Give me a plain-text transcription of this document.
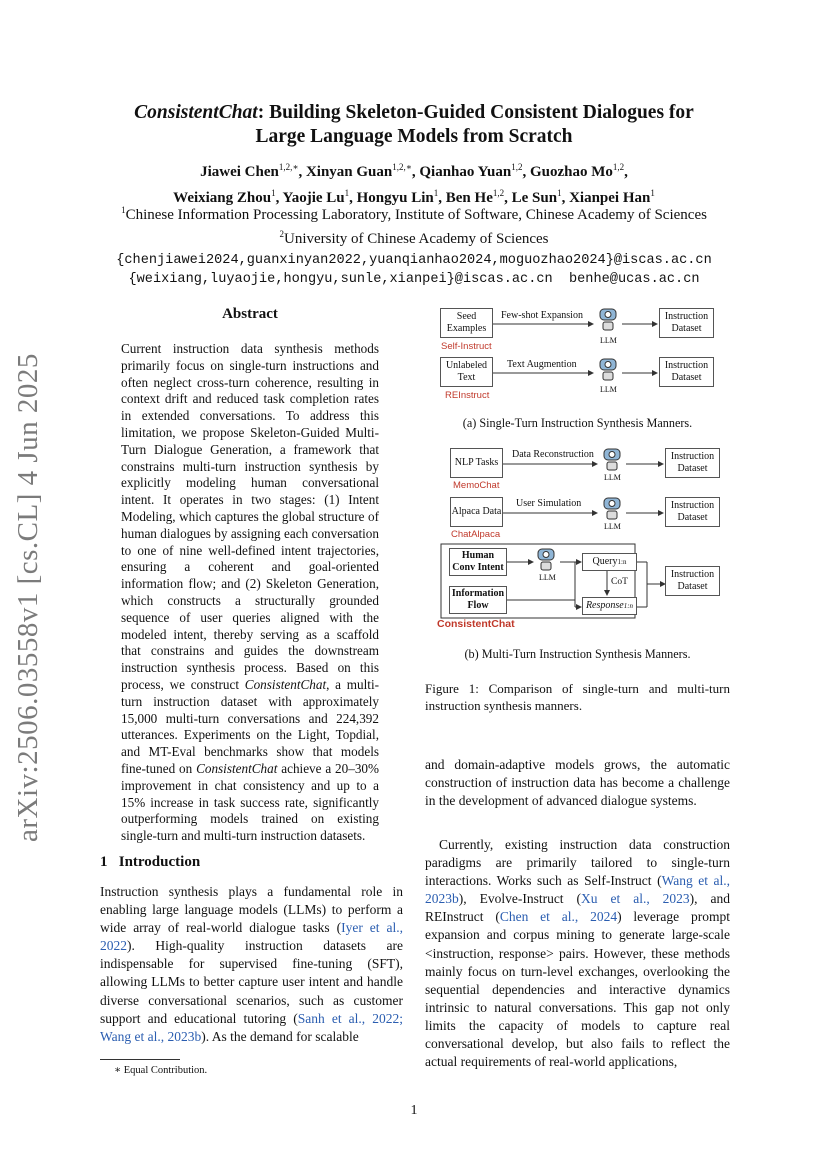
ConsistentChat: Building Skeleton-Guided Consistent Dialogues for
Large Language Models from Scratch
Jiawei Chen$^{1,2,∗}$, Xinyan Guan$^{1,2,∗}$, Qianhao Yuan$^{1,2}$, Guozhao Mo$^{1,2}$,
Weixiang Zhou$^1$, Yaojie Lu$^1$, Hongyu Lin$^1$, Ben He$^{1,2}$, Le Sun$^1$, Xianpei Han$^1$
$^1$Chinese Information Processing Laboratory, Institute of Software, Chinese Academy of Sciences
$^2$University of Chinese Academy of Sciences
{chenjiawei2024,guanxinyan2022,yuanqianhao2024,moguozhao2024}@iscas.ac.cn
{weixiang,luyaojie,hongyu,sunle,xianpei}@iscas.ac.cn  benhe@ucas.ac.cn
arXiv:2506.03558v1 [cs.CL] 4 Jun 2025
Abstract
Current instruction data synthesis methods primarily focus on single-turn instructions and often neglect cross-turn coherence, resulting in context drift and reduced task completion rates in extended conversations. To address this limitation, we propose Skeleton-Guided Multi-Turn Dialogue Generation, a framework that constrains multi-turn instruction synthesis by explicitly modeling human conversational intent. It operates in two stages: (1) Intent Modeling, which captures the global structure of human dialogues by assigning each conversation to one of nine well-defined intent trajectories, ensuring a coherent and goal-oriented information flow; and (2) Skeleton Generation, which constructs a structurally grounded sequence of user queries aligned with the modeled intent, thereby serving as a scaffold that constrains and guides the downstream instruction synthesis process. Based on this process, we construct ConsistentChat, a multi-turn instruction dataset with approximately 15,000 multi-turn conversations and 224,392 utterances. Experiments on the Light, Topdial, and MT-Eval benchmarks show that models fine-tuned on ConsistentChat achieve a 20–30% improvement in chat consistency and up to a 15% increase in task success rate, significantly outperforming models trained on existing single-turn and multi-turn instruction datasets.
1 Introduction
Instruction synthesis plays a fundamental role in enabling large language models (LLMs) to perform a wide array of real-world dialogue tasks (Iyer et al., 2022). High-quality instruction datasets are indispensable for supervised fine-tuning (SFT), allowing LLMs to better capture user intent and handle diverse conversational scenarios, such as customer support and educational tutoring (Sanh et al., 2022; Wang et al., 2023b). As the demand for scalable
∗ Equal Contribution.
Seed Examples
Few-shot Expansion
Self-Instruct
LLM
Instruction Dataset
Unlabeled Text
Text Augmention
REInstruct
LLM
Instruction Dataset
(a) Single-Turn Instruction Synthesis Manners.
NLP Tasks
Data Reconstruction
MemoChat
LLM
Instruction Dataset
Alpaca Data
User Simulation
ChatAlpaca
LLM
Instruction Dataset
Human Conv Intent
Information Flow
LLM
Query 1:n
CoT
Response 1:n
Instruction Dataset
ConsistentChat
(b) Multi-Turn Instruction Synthesis Manners.
Figure 1: Comparison of single-turn and multi-turn instruction synthesis manners.
and domain-adaptive models grows, the automatic construction of instruction data has become a challenge in the development of advanced dialogue systems.
Currently, existing instruction data construction paradigms are primarily tailored to single-turn interactions. Works such as Self-Instruct (Wang et al., 2023b), Evolve-Instruct (Xu et al., 2023), and REInstruct (Chen et al., 2024) leverage prompt expansion and corpus mining to generate large-scale <instruction, response> pairs. However, these methods mainly focus on turn-level exchanges, overlooking the sequential dependencies and interactive dynamics intrinsic to natural conversations. This gap not only limits the capacity of models to capture real conversational develop, but also fails to reflect the actual requirements of real-world applications,
1
